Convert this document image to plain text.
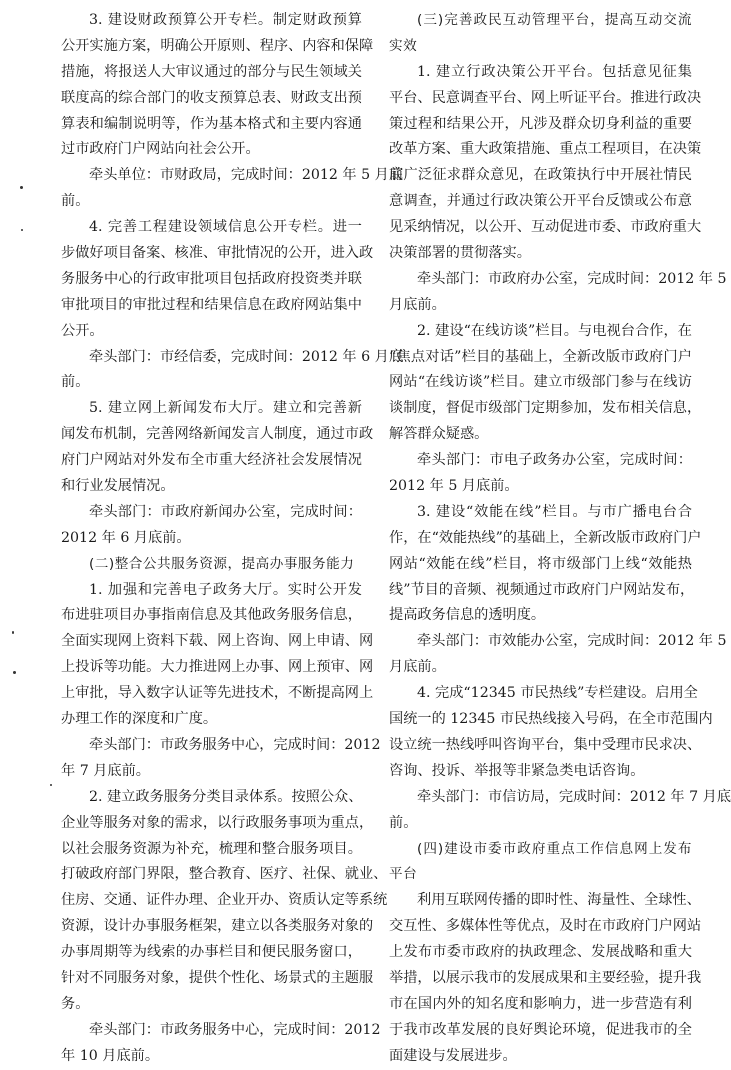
3. 建设财政预算公开专栏。制定财政预算
公开实施方案，明确公开原则、程序、内容和保障
措施，将报送人大审议通过的部分与民生领域关
联度高的综合部门的收支预算总表、财政支出预
算表和编制说明等，作为基本格式和主要内容通
过市政府门户网站向社会公开。
牵头单位：市财政局，完成时间：2012 年 5 月底
前。
4. 完善工程建设领域信息公开专栏。进一
步做好项目备案、核准、审批情况的公开，进入政
务服务中心的行政审批项目包括政府投资类并联
审批项目的审批过程和结果信息在政府网站集中
公开。
牵头部门：市经信委，完成时间：2012 年 6 月底
前。
5. 建立网上新闻发布大厅。建立和完善新
闻发布机制，完善网络新闻发言人制度，通过市政
府门户网站对外发布全市重大经济社会发展情况
和行业发展情况。
牵头部门：市政府新闻办公室，完成时间：
2012 年 6 月底前。
(二)整合公共服务资源，提高办事服务能力
1. 加强和完善电子政务大厅。实时公开发
布进驻项目办事指南信息及其他政务服务信息，
全面实现网上资料下载、网上咨询、网上申请、网
上投诉等功能。大力推进网上办事、网上预审、网
上审批，导入数字认证等先进技术，不断提高网上
办理工作的深度和广度。
牵头部门：市政务服务中心，完成时间：2012
年 7 月底前。
2. 建立政务服务分类目录体系。按照公众、
企业等服务对象的需求，以行政服务事项为重点，
以社会服务资源为补充，梳理和整合服务项目。
打破政府部门界限，整合教育、医疗、社保、就业、
住房、交通、证件办理、企业开办、资质认定等系统
资源，设计办事服务框架，建立以各类服务对象的
办事周期等为线索的办事栏目和便民服务窗口，
针对不同服务对象，提供个性化、场景式的主题服
务。
牵头部门：市政务服务中心，完成时间：2012
年 10 月底前。
(三)完善政民互动管理平台，提高互动交流
实效
1. 建立行政决策公开平台。包括意见征集
平台、民意调查平台、网上听证平台。推进行政决
策过程和结果公开，凡涉及群众切身利益的重要
改革方案、重大政策措施、重点工程项目，在决策
前广泛征求群众意见，在政策执行中开展社情民
意调查，并通过行政决策公开平台反馈或公布意
见采纳情况，以公开、互动促进市委、市政府重大
决策部署的贯彻落实。
牵头部门：市政府办公室，完成时间：2012 年 5
月底前。
2. 建设“在线访谈”栏目。与电视台合作，在
“焦点对话”栏目的基础上，全新改版市政府门户
网站“在线访谈”栏目。建立市级部门参与在线访
谈制度，督促市级部门定期参加，发布相关信息，
解答群众疑惑。
牵头部门：市电子政务办公室，完成时间：
2012 年 5 月底前。
3. 建设“效能在线”栏目。与市广播电台合
作，在“效能热线”的基础上，全新改版市政府门户
网站“效能在线”栏目，将市级部门上线“效能热
线”节目的音频、视频通过市政府门户网站发布，
提高政务信息的透明度。
牵头部门：市效能办公室，完成时间：2012 年 5
月底前。
4. 完成“12345 市民热线”专栏建设。启用全
国统一的 12345 市民热线接入号码，在全市范围内
设立统一热线呼叫咨询平台，集中受理市民求决、
咨询、投诉、举报等非紧急类电话咨询。
牵头部门：市信访局，完成时间：2012 年 7 月底
前。
(四)建设市委市政府重点工作信息网上发布
平台
利用互联网传播的即时性、海量性、全球性、
交互性、多媒体性等优点，及时在市政府门户网站
上发布市委市政府的执政理念、发展战略和重大
举措，以展示我市的发展成果和主要经验，提升我
市在国内外的知名度和影响力，进一步营造有利
于我市改革发展的良好舆论环境，促进我市的全
面建设与发展进步。
